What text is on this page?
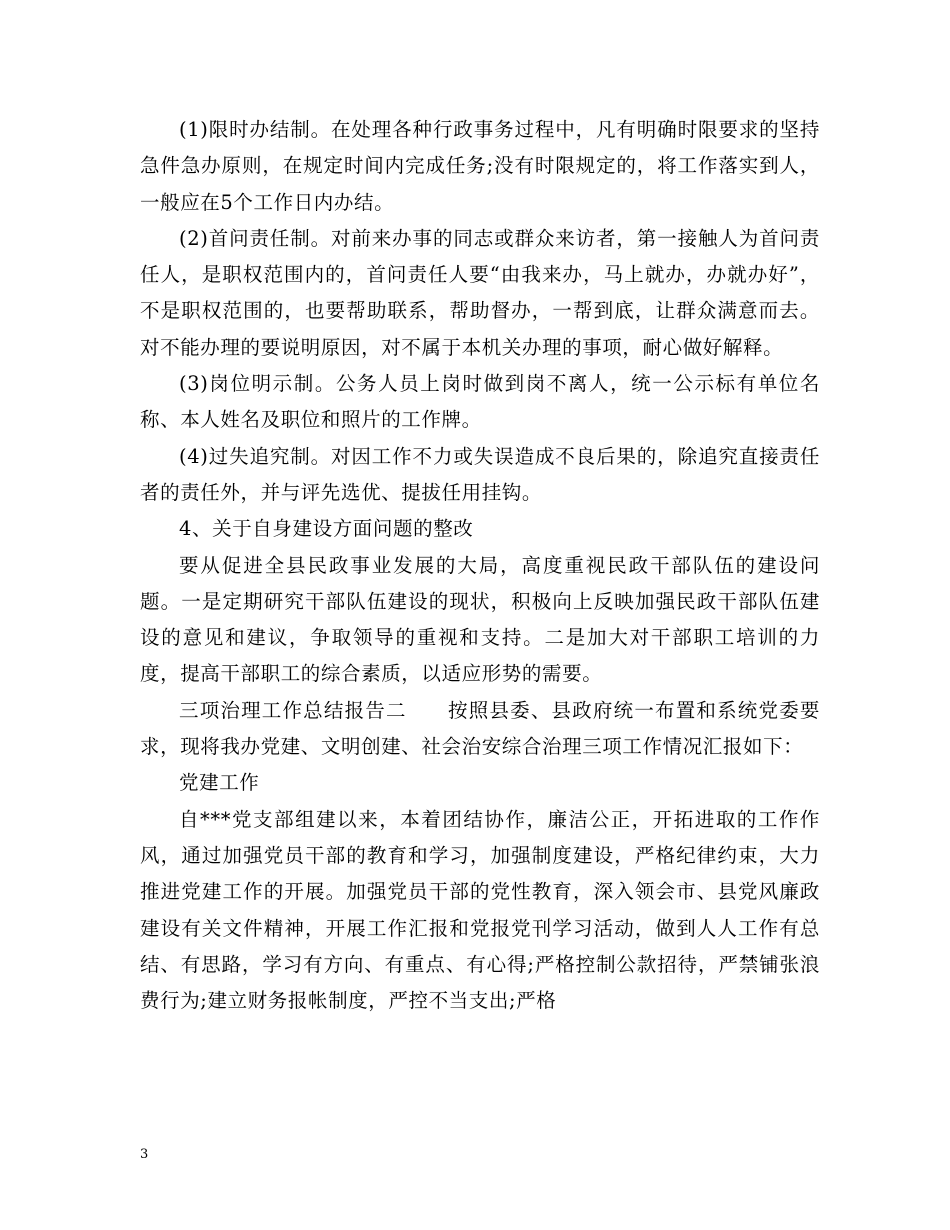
(1)限时办结制。在处理各种行政事务过程中，凡有明确时限要求的坚持急件急办原则，在规定时间内完成任务;没有时限规定的，将工作落实到人，一般应在5个工作日内办结。

(2)首问责任制。对前来办事的同志或群众来访者，第一接触人为首问责任人，是职权范围内的，首问责任人要“由我来办，马上就办，办就办好”，不是职权范围的，也要帮助联系，帮助督办，一帮到底，让群众满意而去。对不能办理的要说明原因，对不属于本机关办理的事项，耐心做好解释。

(3)岗位明示制。公务人员上岗时做到岗不离人，统一公示标有单位名称、本人姓名及职位和照片的工作牌。

(4)过失追究制。对因工作不力或失误造成不良后果的，除追究直接责任者的责任外，并与评先选优、提拔任用挂钩。

4、关于自身建设方面问题的整改

要从促进全县民政事业发展的大局，高度重视民政干部队伍的建设问题。一是定期研究干部队伍建设的现状，积极向上反映加强民政干部队伍建设的意见和建议，争取领导的重视和支持。二是加大对干部职工培训的力度，提高干部职工的综合素质，以适应形势的需要。

三项治理工作总结报告二　　按照县委、县政府统一布置和系统党委要求，现将我办党建、文明创建、社会治安综合治理三项工作情况汇报如下：

党建工作

自***党支部组建以来，本着团结协作，廉洁公正，开拓进取的工作作风，通过加强党员干部的教育和学习，加强制度建设，严格纪律约束，大力推进党建工作的开展。加强党员干部的党性教育，深入领会市、县党风廉政建设有关文件精神，开展工作汇报和党报党刊学习活动，做到人人工作有总结、有思路，学习有方向、有重点、有心得;严格控制公款招待，严禁铺张浪费行为;建立财务报帐制度，严控不当支出;严格

3
